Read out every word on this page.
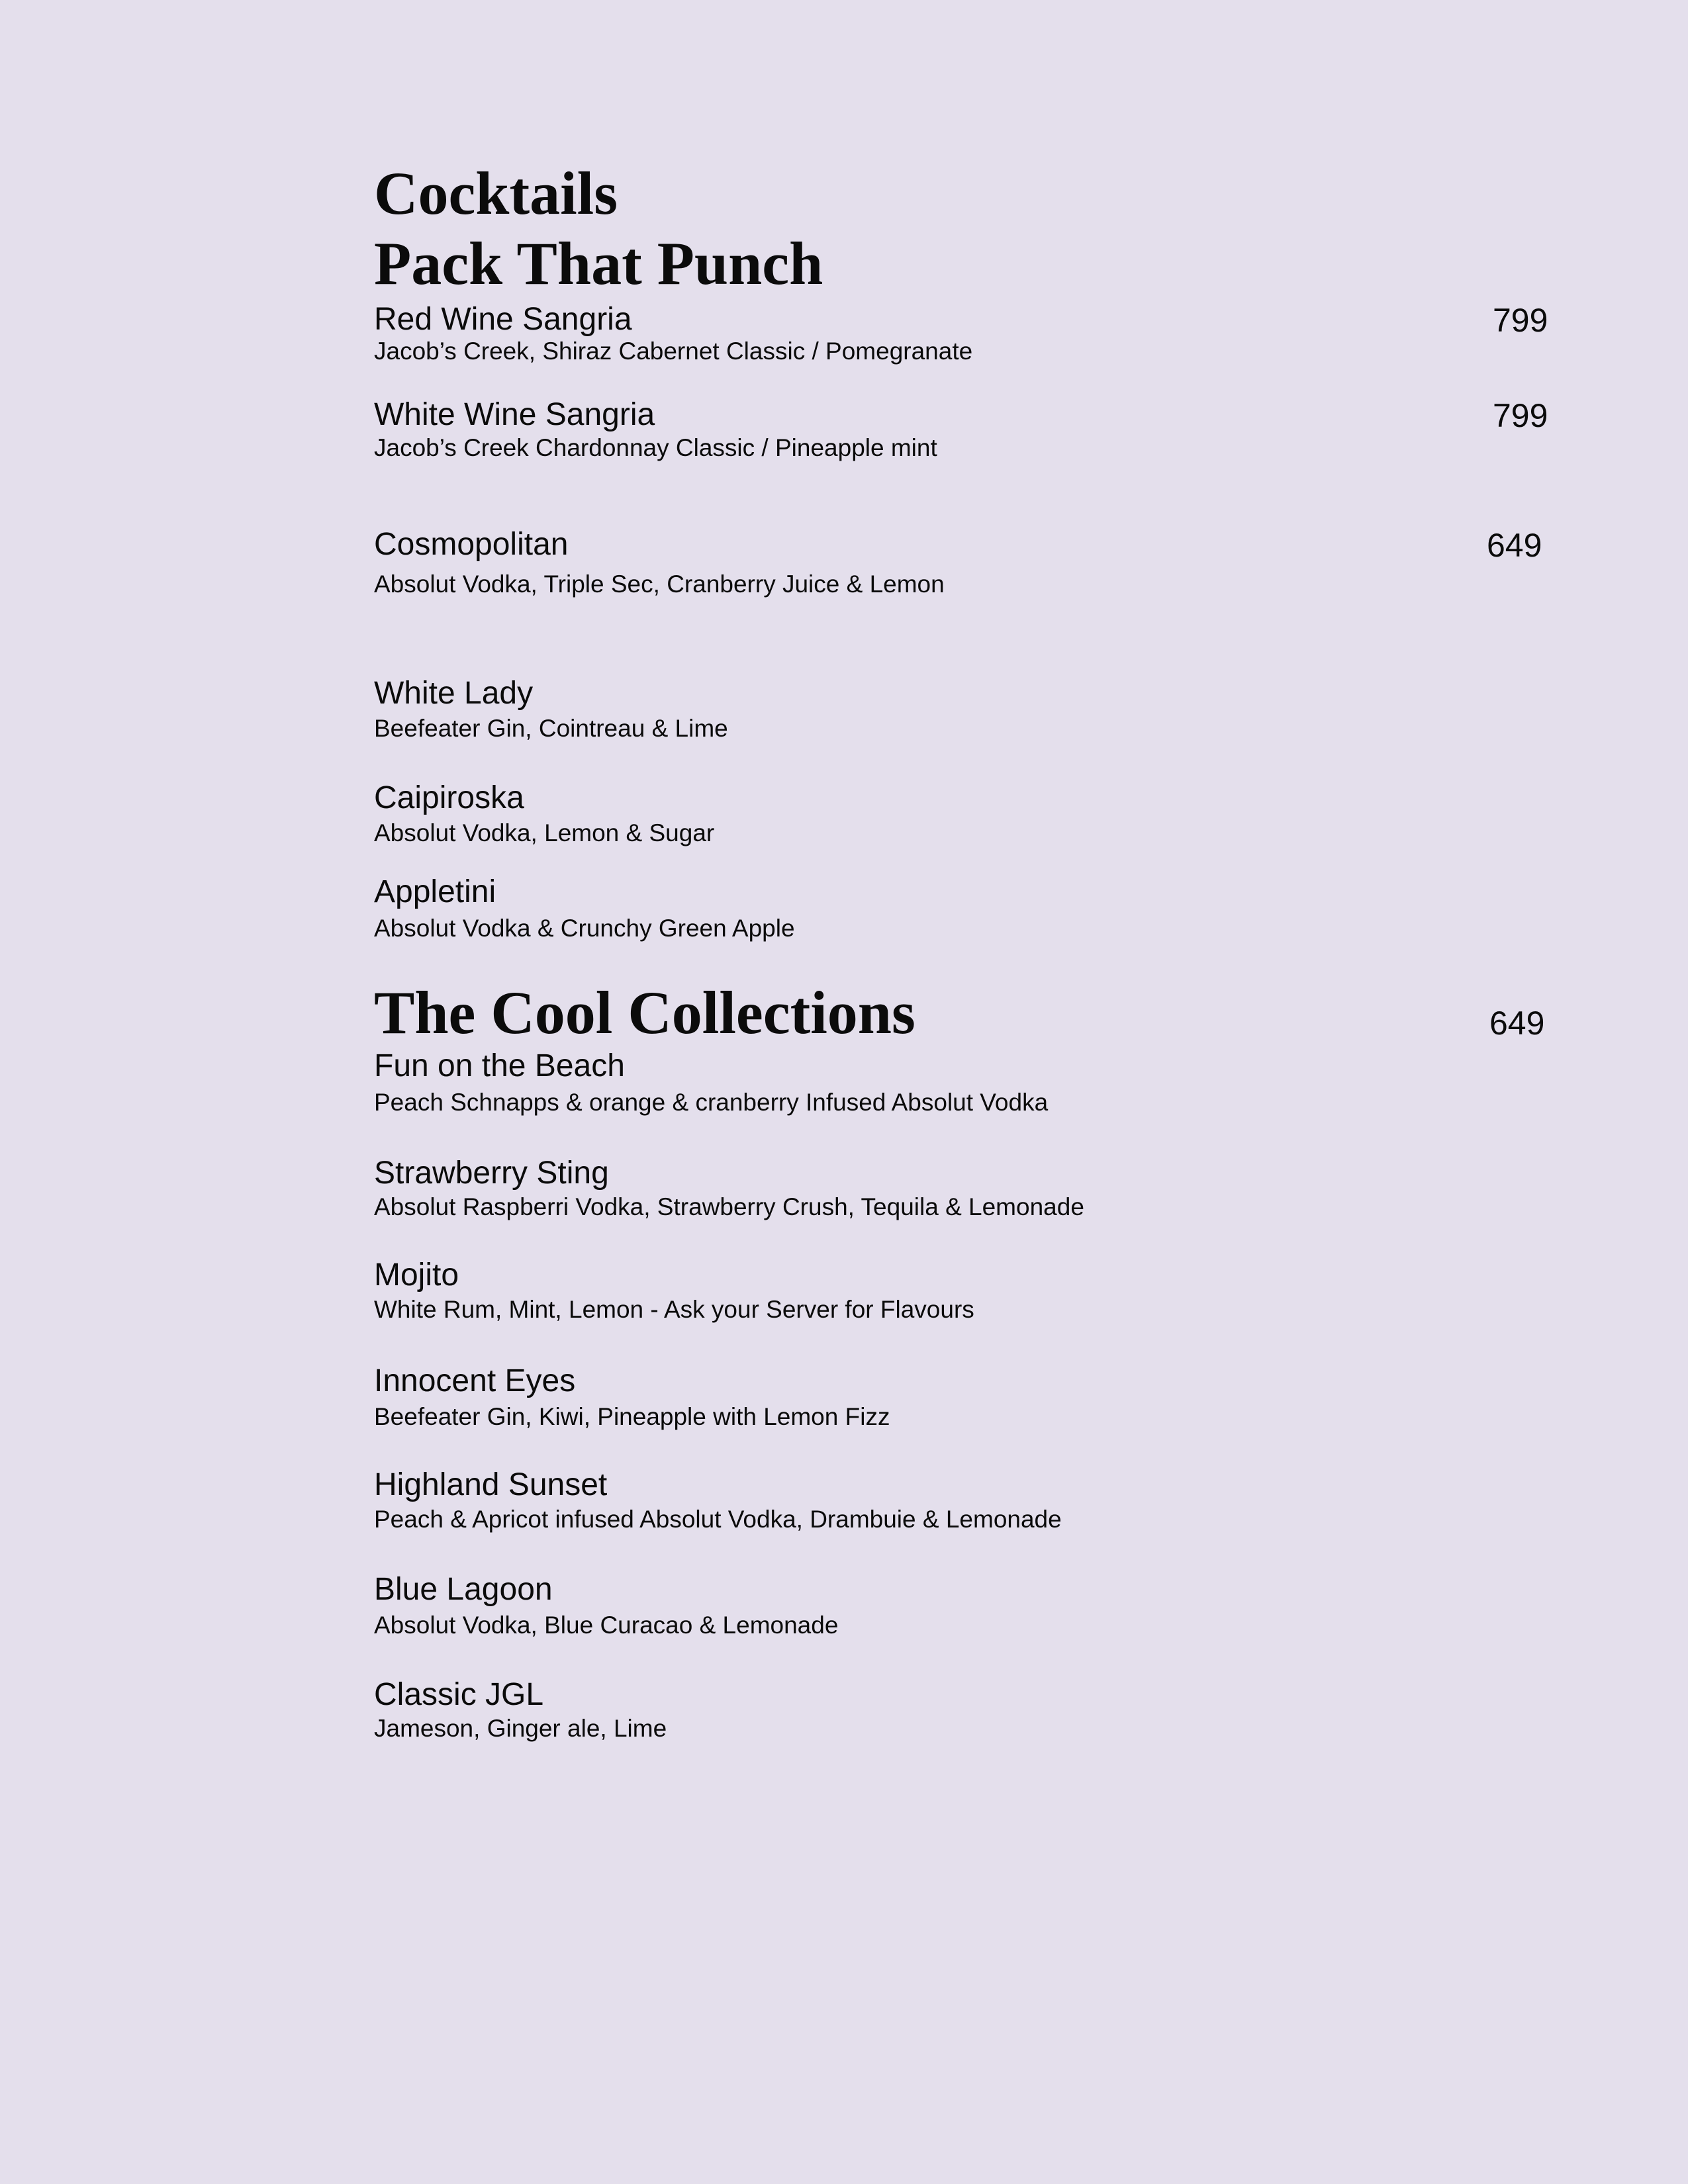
Cocktails
Pack That Punch
Red Wine Sangria	799
Jacob’s Creek, Shiraz Cabernet Classic / Pomegranate
White Wine Sangria	799
Jacob’s Creek Chardonnay Classic / Pineapple mint
Cosmopolitan	649
Absolut Vodka, Triple Sec, Cranberry Juice & Lemon
White Lady
Beefeater Gin, Cointreau & Lime
Caipiroska
Absolut Vodka, Lemon & Sugar
Appletini
Absolut Vodka & Crunchy Green Apple
The Cool Collections	649
Fun on the Beach
Peach Schnapps & orange & cranberry Infused Absolut Vodka
Strawberry Sting
Absolut Raspberri Vodka, Strawberry Crush, Tequila & Lemonade
Mojito
White Rum, Mint, Lemon - Ask your Server for Flavours
Innocent Eyes
Beefeater Gin, Kiwi, Pineapple with Lemon Fizz
Highland Sunset
Peach & Apricot infused Absolut Vodka, Drambuie & Lemonade
Blue Lagoon
Absolut Vodka, Blue Curacao & Lemonade
Classic JGL
Jameson, Ginger ale, Lime
